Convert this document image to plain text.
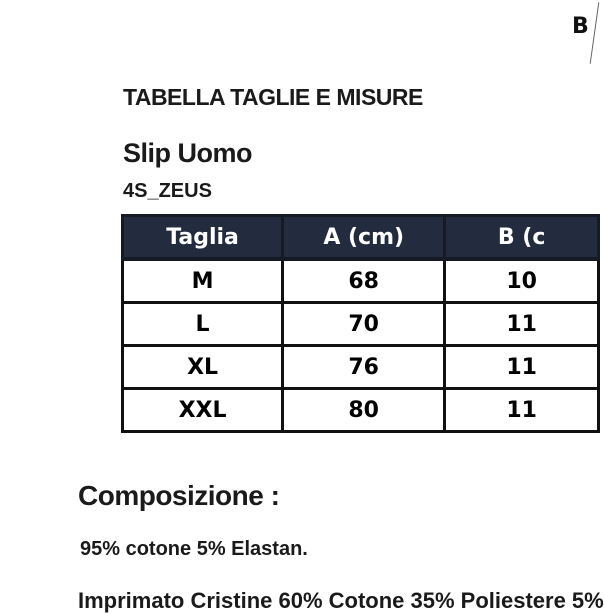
B
TABELLA TAGLIE E MISURE
Slip Uomo
4S_ZEUS
Taglia	A (cm)	B (c
M	68	10
L	70	11
XL	76	11
XXL	80	11
Composizione :
95% cotone 5% Elastan.
Imprimato Cristine 60% Cotone 35% Poliestere 5%
